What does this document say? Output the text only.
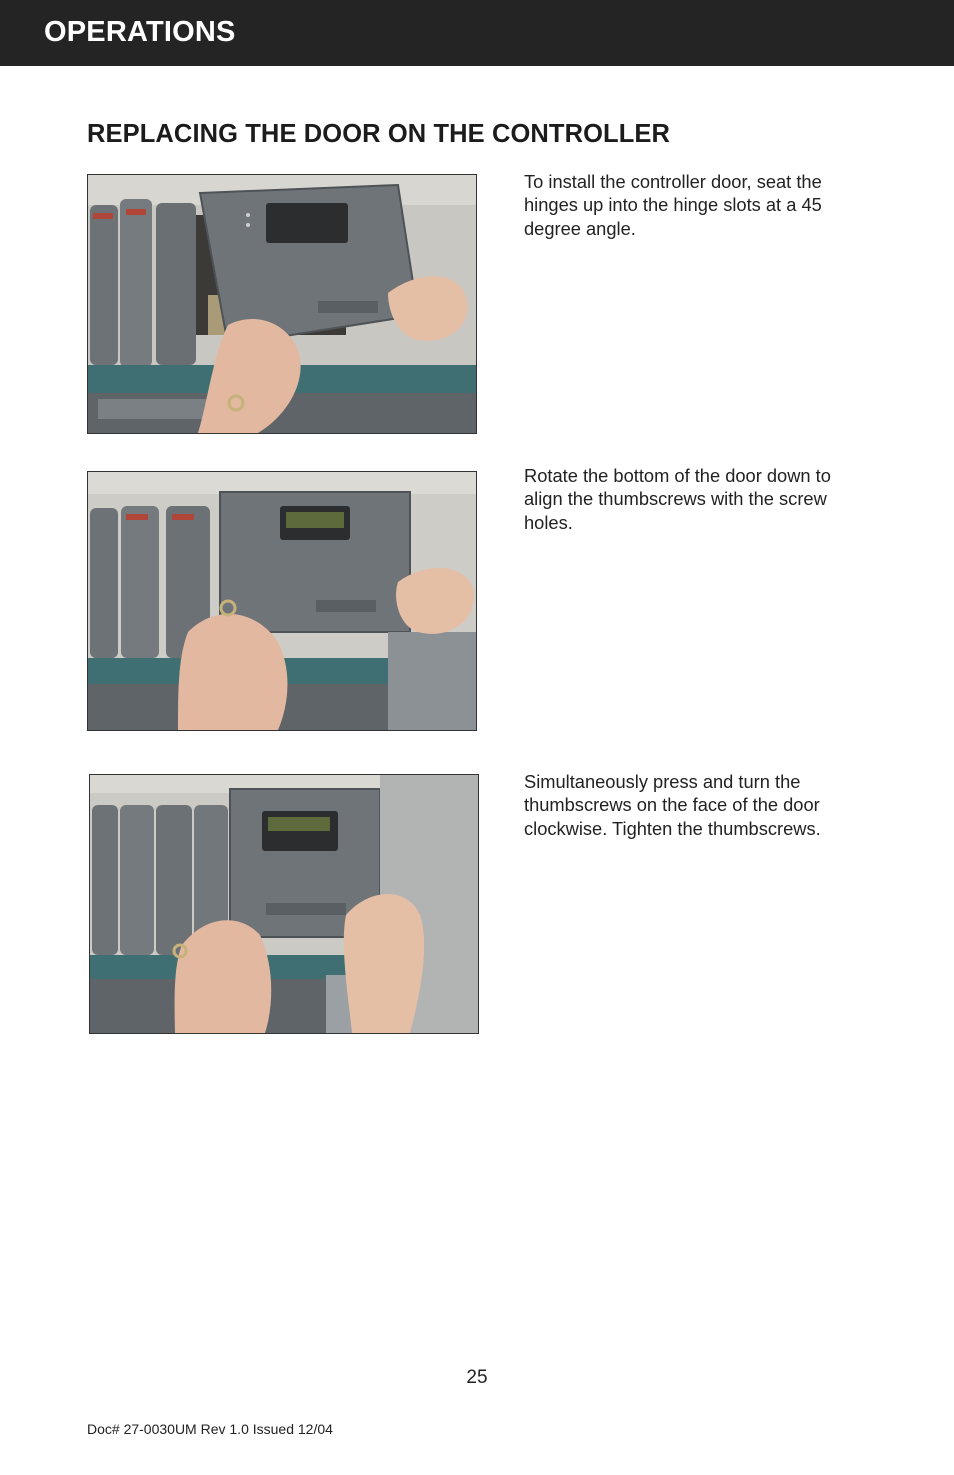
OPERATIONS
REPLACING THE DOOR ON THE CONTROLLER
To install the controller door, seat the hinges up into the hinge slots at a 45 degree angle.
Rotate the bottom of the door down to align the thumbscrews with the screw holes.
Simultaneously press and turn the thumbscrews on the face of the door clockwise. Tighten the thumbscrews.
25
Doc# 27-0030UM Rev 1.0 Issued 12/04
